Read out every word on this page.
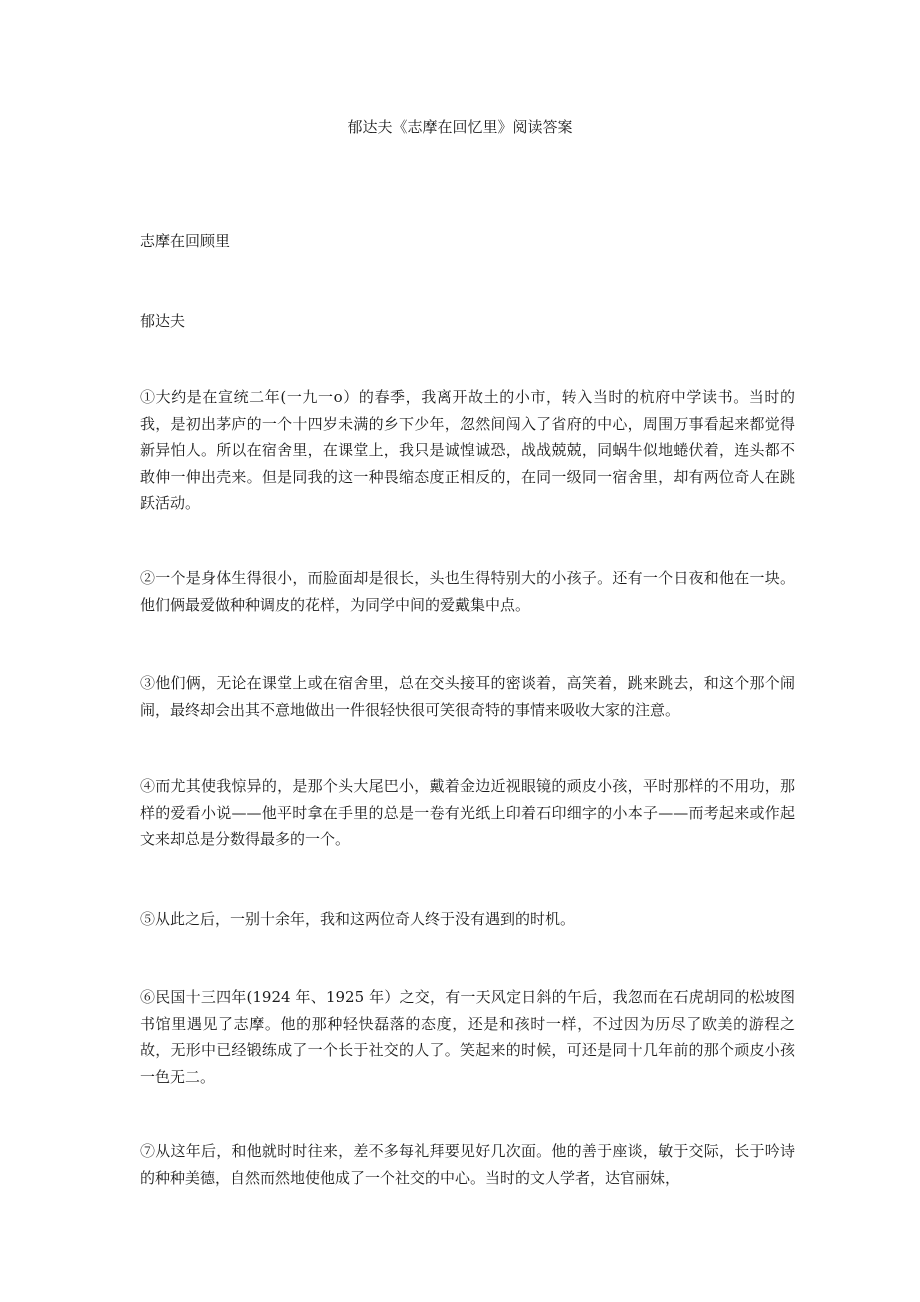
郁达夫《志摩在回忆里》阅读答案
志摩在回顾里

郁达夫

①大约是在宣统二年(一九一o）的春季，我离开故土的小市，转入当时的杭府中学读书。当时的我，是初出茅庐的一个十四岁未满的乡下少年，忽然间闯入了省府的中心，周围万事看起来都觉得新异怕人。所以在宿舍里，在课堂上，我只是诚惶诚恐，战战兢兢，同蜗牛似地蜷伏着，连头都不敢伸一伸出壳来。但是同我的这一种畏缩态度正相反的，在同一级同一宿舍里，却有两位奇人在跳跃活动。

②一个是身体生得很小，而脸面却是很长，头也生得特别大的小孩子。还有一个日夜和他在一块。他们俩最爱做种种调皮的花样，为同学中间的爱戴集中点。

③他们俩，无论在课堂上或在宿舍里，总在交头接耳的密谈着，高笑着，跳来跳去，和这个那个闹闹，最终却会出其不意地做出一件很轻快很可笑很奇特的事情来吸收大家的注意。

④而尤其使我惊异的，是那个头大尾巴小，戴着金边近视眼镜的顽皮小孩，平时那样的不用功，那样的爱看小说——他平时拿在手里的总是一卷有光纸上印着石印细字的小本子——而考起来或作起文来却总是分数得最多的一个。

⑤从此之后，一别十余年，我和这两位奇人终于没有遇到的时机。

⑥民国十三四年(1924 年、1925 年）之交，有一天风定日斜的午后，我忽而在石虎胡同的松坡图书馆里遇见了志摩。他的那种轻快磊落的态度，还是和孩时一样，不过因为历尽了欧美的游程之故，无形中已经锻练成了一个长于社交的人了。笑起来的时候，可还是同十几年前的那个顽皮小孩一色无二。

⑦从这年后，和他就时时往来，差不多每礼拜要见好几次面。他的善于座谈，敏于交际，长于吟诗的种种美德，自然而然地使他成了一个社交的中心。当时的文人学者，达官丽妹，
